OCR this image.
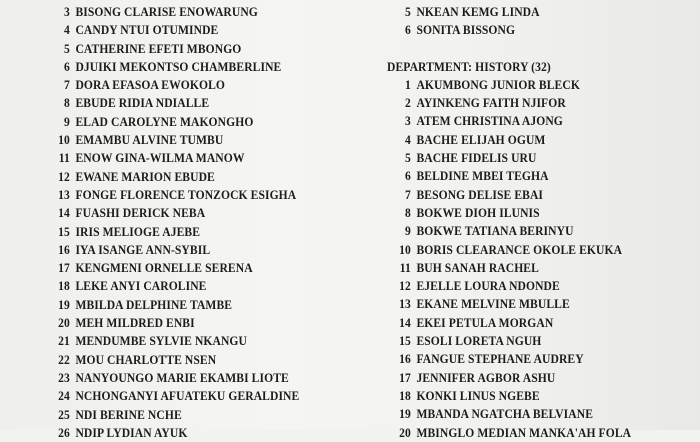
3 BISONG CLARISE ENOWARUNG
4 CANDY NTUI OTUMINDE
5 CATHERINE EFETI MBONGO
6 DJUIKI MEKONTSO CHAMBERLINE
7 DORA EFASOA EWOKOLO
8 EBUDE RIDIA NDIALLE
9 ELAD CAROLYNE MAKONGHO
10 EMAMBU ALVINE TUMBU
11 ENOW GINA-WILMA MANOW
12 EWANE MARION EBUDE
13 FONGE FLORENCE TONZOCK ESIGHA
14 FUASHI DERICK NEBA
15 IRIS MELIOGE AJEBE
16 IYA ISANGE ANN-SYBIL
17 KENGMENI ORNELLE SERENA
18 LEKE ANYI CAROLINE
19 MBILDA DELPHINE TAMBE
20 MEH MILDRED ENBI
21 MENDUMBE SYLVIE NKANGU
22 MOU CHARLOTTE NSEN
23 NANYOUNGO MARIE EKAMBI LIOTE
24 NCHONGANYI AFUATEKU GERALDINE
25 NDI BERINE NCHE
26 NDIP LYDIAN AYUK
5 NKEAN KEMG LINDA
6 SONITA BISSONG
DEPARTMENT: HISTORY (32)
1 AKUMBONG JUNIOR BLECK
2 AYINKENG FAITH NJIFOR
3 ATEM CHRISTINA AJONG
4 BACHE ELIJAH OGUM
5 BACHE FIDELIS URU
6 BELDINE MBEI TEGHA
7 BESONG DELISE EBAI
8 BOKWE DIOH ILUNIS
9 BOKWE TATIANA BERINYU
10 BORIS CLEARANCE OKOLE EKUKA
11 BUH SANAH RACHEL
12 EJELLE LOURA NDONDE
13 EKANE MELVINE MBULLE
14 EKEI PETULA MORGAN
15 ESOLI LORETA NGUH
16 FANGUE STEPHANE AUDREY
17 JENNIFER AGBOR ASHU
18 KONKI LINUS NGEBE
19 MBANDA NGATCHA BELVIANE
20 MBINGLO MEDIAN MANKA'AH FOLA
